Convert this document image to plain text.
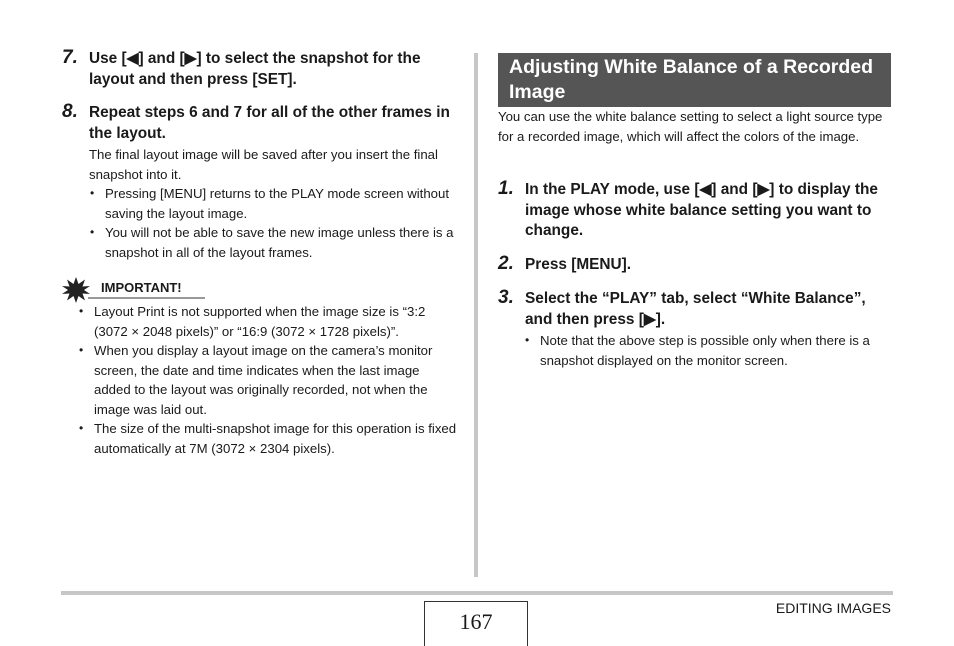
7. Use [◀] and [▶] to select the snapshot for the layout and then press [SET].
8. Repeat steps 6 and 7 for all of the other frames in the layout.
The final layout image will be saved after you insert the final snapshot into it.
• Pressing [MENU] returns to the PLAY mode screen without saving the layout image.
• You will not be able to save the new image unless there is a snapshot in all of the layout frames.
IMPORTANT!
• Layout Print is not supported when the image size is “3:2 (3072 × 2048 pixels)” or “16:9 (3072 × 1728 pixels)”.
• When you display a layout image on the camera’s monitor screen, the date and time indicates when the last image added to the layout was originally recorded, not when the image was laid out.
• The size of the multi-snapshot image for this operation is fixed automatically at 7M (3072 × 2304 pixels).
Adjusting White Balance of a Recorded Image
You can use the white balance setting to select a light source type for a recorded image, which will affect the colors of the image.
1. In the PLAY mode, use [◀] and [▶] to display the image whose white balance setting you want to change.
2. Press [MENU].
3. Select the “PLAY” tab, select “White Balance”, and then press [▶].
• Note that the above step is possible only when there is a snapshot displayed on the monitor screen.
167
EDITING IMAGES
